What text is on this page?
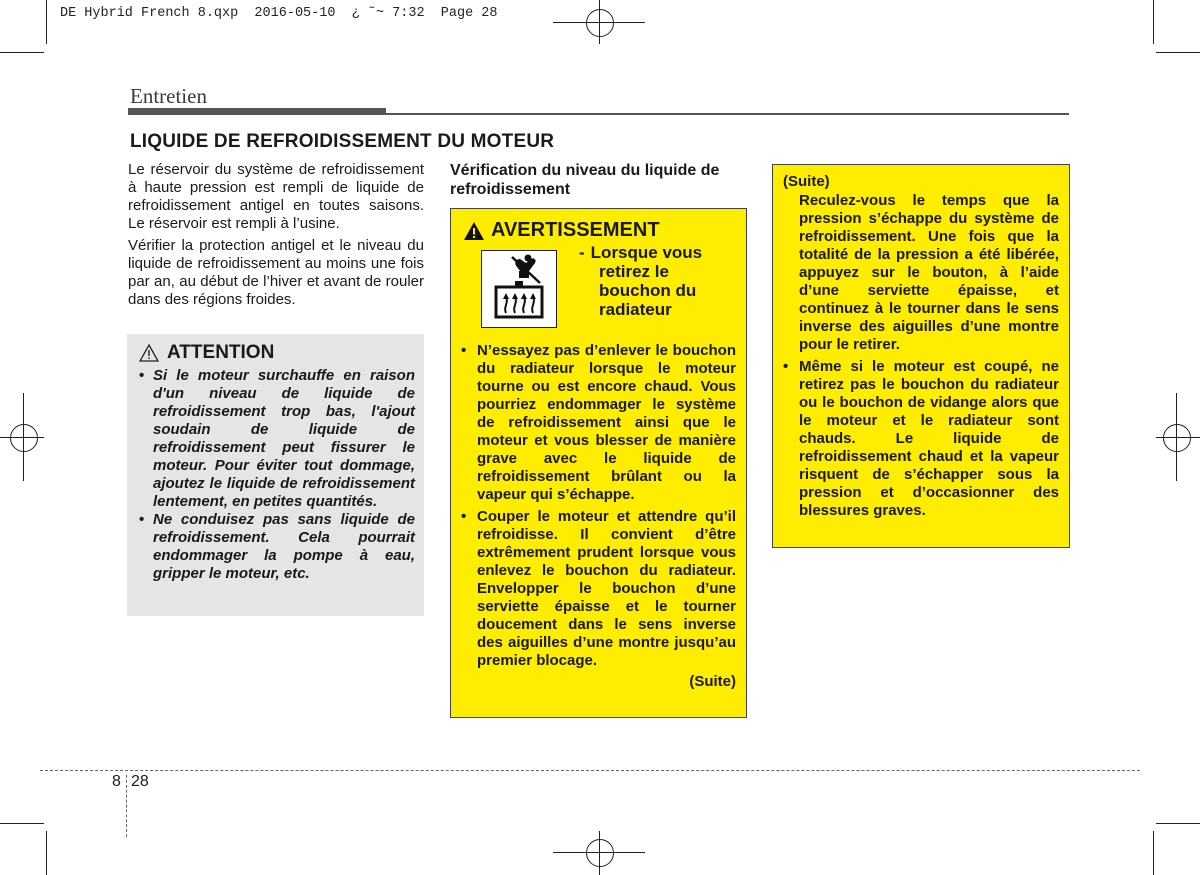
DE Hybrid French 8.qxp  2016-05-10  ¿ ˜~ 7:32  Page 28
Entretien
LIQUIDE DE REFROIDISSEMENT DU MOTEUR

Le réservoir du système de refroidissement à haute pression est rempli de liquide de refroidissement antigel en toutes saisons. Le réservoir est rempli à l’usine.

Vérifier la protection antigel et le niveau du liquide de refroidissement au moins une fois par an, au début de l’hiver et avant de rouler dans des régions froides.

ATTENTION
• Si le moteur surchauffe en raison d'un niveau de liquide de refroidissement trop bas, l'ajout soudain de liquide de refroidissement peut fissurer le moteur. Pour éviter tout dommage, ajoutez le liquide de refroidissement lentement, en petites quantités.
• Ne conduisez pas sans liquide de refroidissement. Cela pourrait endommager la pompe à eau, gripper le moteur, etc.
Vérification du niveau du liquide de refroidissement
AVERTISSEMENT
- Lorsque vous
retirez le bouchon du radiateur
• N’essayez pas d’enlever le bouchon du radiateur lorsque le moteur tourne ou est encore chaud. Vous pourriez endommager le système de refroidissement ainsi que le moteur et vous blesser de manière grave avec le liquide de refroidissement brûlant ou la vapeur qui s’échappe.
• Couper le moteur et attendre qu’il refroidisse. Il convient d’être extrêmement prudent lorsque vous enlevez le bouchon du radiateur. Envelopper le bouchon d’une serviette épaisse et le tourner doucement dans le sens inverse des aiguilles d’une montre jusqu’au premier blocage.
(Suite)
(Suite)
Reculez-vous le temps que la pression s’échappe du système de refroidissement. Une fois que la totalité de la pression a été libérée, appuyez sur le bouton, à l’aide d’une serviette épaisse, et continuez à le tourner dans le sens inverse des aiguilles d’une montre pour le retirer.
• Même si le moteur est coupé, ne retirez pas le bouchon du radiateur ou le bouchon de vidange alors que le moteur et le radiateur sont chauds. Le liquide de refroidissement chaud et la vapeur risquent de s’échapper sous la pression et d’occasionner des blessures graves.
8 28
